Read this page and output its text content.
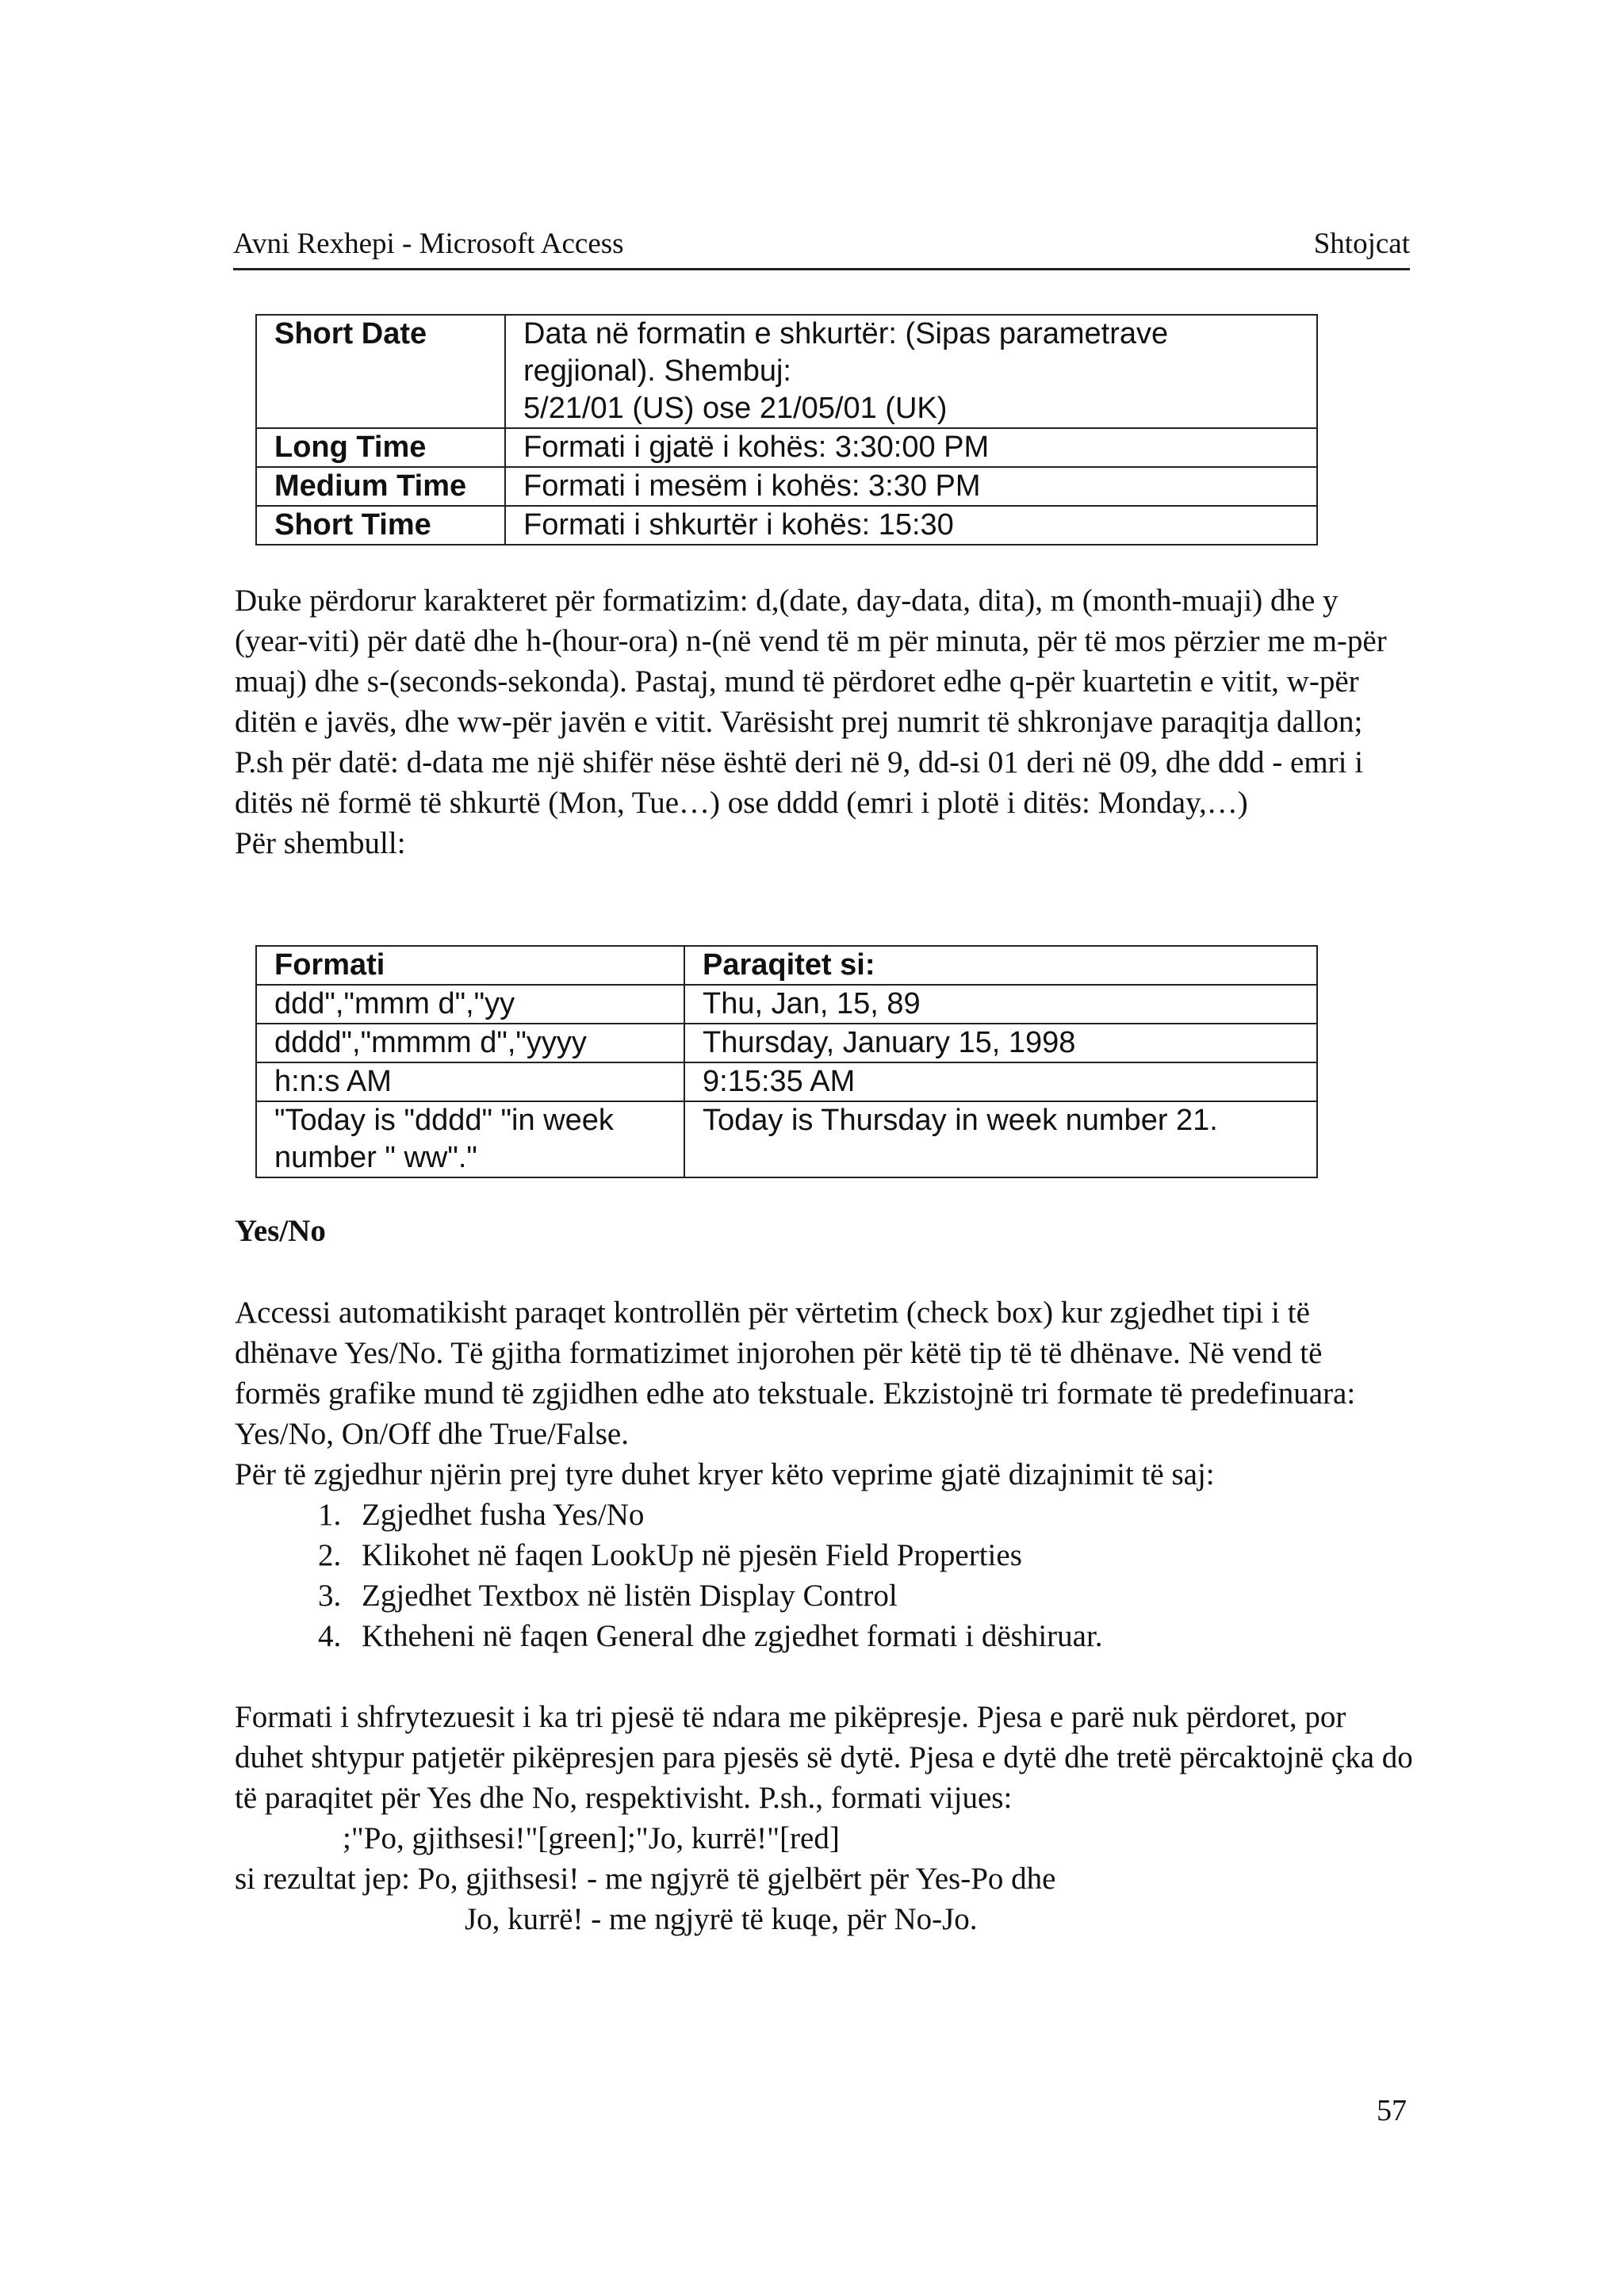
Avni Rexhepi - Microsoft Access	Shtojcat
Short Date	Data në formatin e shkurtër: (Sipas parametrave regjional). Shembuj:
5/21/01 (US) ose 21/05/01 (UK)

Long Time	Formati i gjatë i kohës: 3:30:00 PM
Medium Time	Formati i mesëm i kohës: 3:30 PM
Short Time	Formati i shkurtër i kohës: 15:30

Duke përdorur karakteret për formatizim: d,(date, day-data, dita), m (month-muaji) dhe y (year-viti) për datë dhe h-(hour-ora) n-(në vend të m për minuta, për të mos përzier me m-për muaj) dhe s-(seconds-sekonda). Pastaj, mund të përdoret edhe q-për kuartetin e vitit, w-për ditën e javës, dhe ww-për javën e vitit. Varësisht prej numrit të shkronjave paraqitja dallon; P.sh për datë: d-data me një shifër nëse është deri në 9, dd-si 01 deri në 09, dhe ddd - emri i ditës në formë të shkurtë (Mon, Tue…) ose dddd (emri i plotë i ditës: Monday,…)

Për shembull:

Formati	Paraqitet si:
ddd","mmm d","yy	Thu, Jan, 15, 89
dddd","mmmm d","yyyy	Thursday, January 15, 1998
h:n:s AM	9:15:35 AM
"Today is "dddd" "in week number " ww"."	Today is Thursday in week number 21.
Yes/No

Accessi automatikisht paraqet kontrollën për vërtetim (check box) kur zgjedhet tipi i të dhënave Yes/No. Të gjitha formatizimet injorohen për këtë tip të të dhënave. Në vend të formës grafike mund të zgjidhen edhe ato tekstuale. Ekzistojnë tri formate të predefinuara: Yes/No, On/Off dhe True/False.

Për të zgjedhur njërin prej tyre duhet kryer këto veprime gjatë dizajnimit të saj:

1. Zgjedhet fusha Yes/No
2. Klikohet në faqen LookUp në pjesën Field Properties
3. Zgjedhet Textbox në listën Display Control
4. Ktheheni në faqen General dhe zgjedhet formati i dëshiruar.

Formati i shfrytezuesit i ka tri pjesë të ndara me pikëpresje. Pjesa e parë nuk përdoret, por duhet shtypur patjetër pikëpresjen para pjesës së dytë. Pjesa e dytë dhe tretë përcaktojnë çka do të paraqitet për Yes dhe No, respektivisht. P.sh., formati vijues:

;"Po, gjithsesi!"[green];"Jo, kurrë!"[red]

si rezultat jep: Po, gjithsesi! - me ngjyrë të gjelbërt për Yes-Po dhe

Jo, kurrë! - me ngjyrë të kuqe, për No-Jo.

57
